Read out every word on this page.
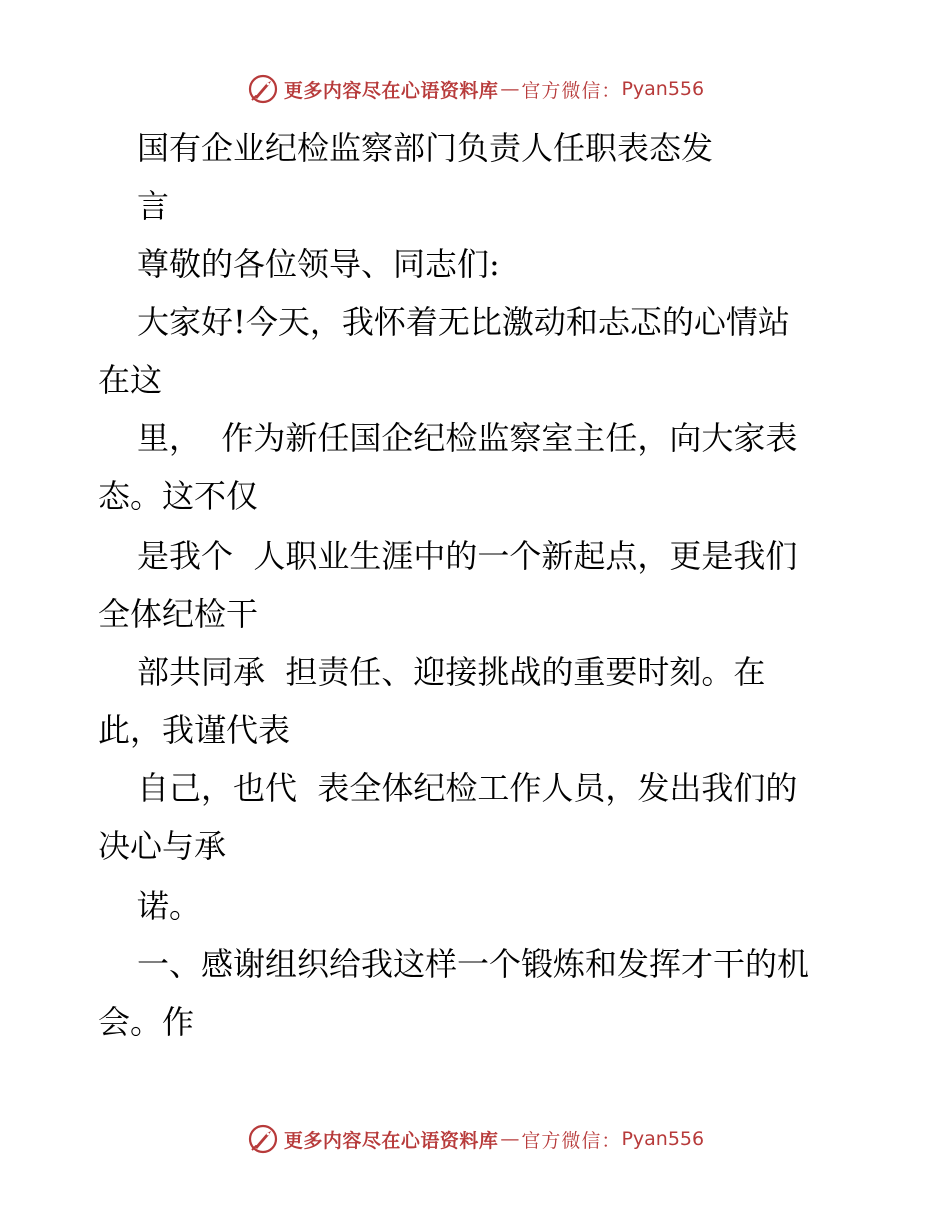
更多内容尽在心语资料库 — 官方微信： Pyan556
国有企业纪检监察部门负责人任职表态发
言
尊敬的各位领导、同志们:
大家好!今天，我怀着无比激动和忐忑的心情站
在这
里，  作为新任国企纪检监察室主任，向大家表
态。这不仅
是我个  人职业生涯中的一个新起点，更是我们
全体纪检干
部共同承  担责任、迎接挑战的重要时刻。在
此，我谨代表
自己，也代  表全体纪检工作人员，发出我们的
决心与承
诺。
一、感谢组织给我这样一个锻炼和发挥才干的机
会。作
更多内容尽在心语资料库 — 官方微信： Pyan556
